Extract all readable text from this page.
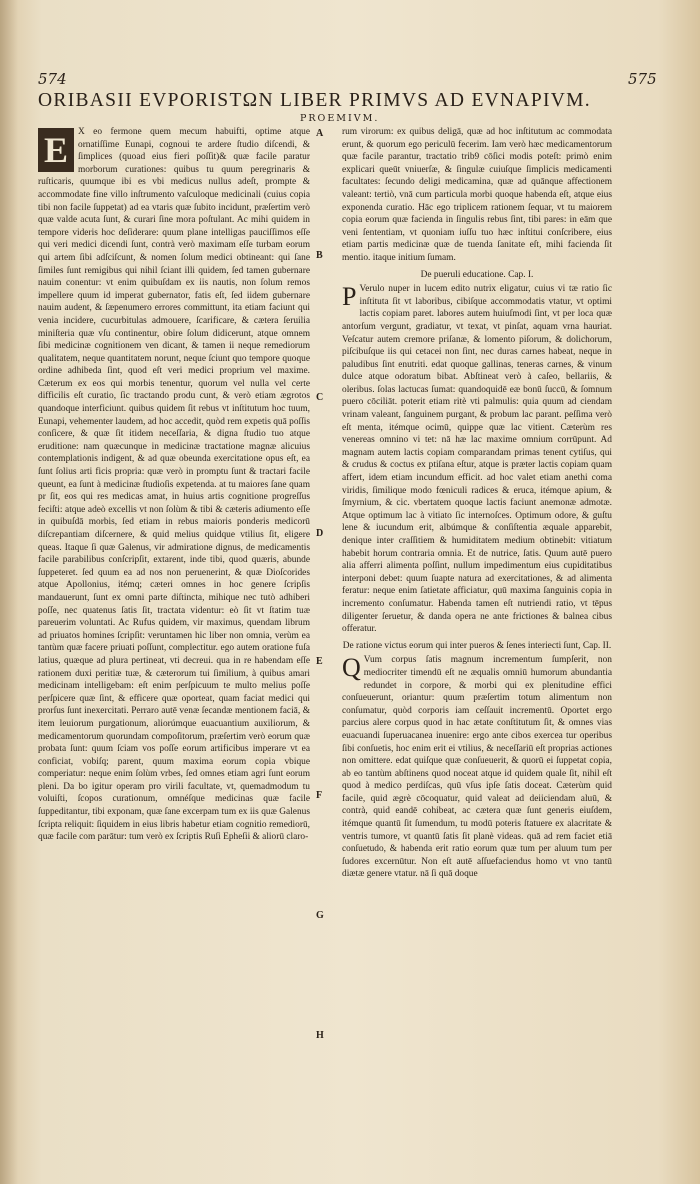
574	575
ORIBASII EVPORISTΩN LIBER PRIMVS AD EVNAPIVM.
PROEMIVM.
E	X eo fermone quem mecum habuifti, optime atque ornatiſſime Eunapi, cognoui te ardere ſtudio diſcendi, & ſimplices (quoad eius fieri poſſit)& quæ facile paratur morborum curationes: quibus tu quum peregrinaris & ruſticaris, quumque ibi es vbi medicus nullus adeſt, prompte & accommodate fine villo inſtrumento vaſculoque medicinali (cuius copia tibi non facile ſuppetat) ad ea vtaris quæ ſubito incidunt, præſertim verò quæ valde acuta ſunt, & curari ſine mora poſtulant. Ac mihi quidem in tempore videris hoc deſiderare: quum plane intelligas pauciſſimos eſſe qui veri medici dicendi ſunt, contrà verò maximam eſſe turbam eorum qui artem ſibi adſciſcunt, & nomen ſolum medici obtineant: qui ſane ſimiles ſunt remigibus qui nihil ſciant illi quidem, ſed tamen gubernare nauim conentur: vt enim quibuſdam ex iis nautis, non ſolum remos impellere quum id imperat gubernator, fatis eſt, ſed iidem gubernare nauim audent, & ſæpenumero errores committunt, ita etiam faciunt qui venia incidere, cucurbitulas admouere, ſcarificare, & cætera ſeruilia miniſteria quæ vſu continentur, obire ſolum didicerunt, atque omnem ſibi medicinæ cognitionem ven dicant, & tamen ii neque remediorum qualitatem, neque quantitatem norunt, neque ſciunt quo tempore quoque ordine adhibeda ſint, quod eſt veri medici proprium vel maxime. Cæterum ex eos qui morbis tenentur, quorum vel nulla vel certe difficilis eſt curatio, ſic tractando produ cunt, & verò etiam ægrotos quandoque interficiunt. quibus quidem ſit rebus vt inſtitutum hoc tuum, Eunapi, vehementer laudem, ad hoc accedit, quòd rem expetis quā poſſis conſicere, & quæ ſit itidem neceſſaria, & digna ſtudio tuo atque eruditione: nam quæcunque in medicinæ tractatione magnæ alicuius contemplationis indigent, & ad quæ obeunda exercitatione opus eſt, ea ſunt ſolius arti ficis propria: quæ verò in promptu ſunt & tractari facile queunt, ea ſunt à medicinæ ſtudioſis expetenda. at tu maiores ſane quam pr ſit, eos qui res medicas amat, in huius artis cognitione progreſſus feciſti: atque adeò excellis vt non ſolùm & tibi & cæteris adiumento eſſe in quibuſdā morbis, ſed etiam in rebus maioris ponderis medicorū diſcrepantiam diſcernere, & quid melius quidque vtilius ſit, eligere queas. Itaque ſi quæ Galenus, vir admiratione dignus, de medicamentis facile parabilibus conſcripſit, extarent, inde tibi, quod quæris, abunde ſuppeteret. ſed quum ea ad nos non peruenerint, & quæ Dioſcorides atque Apollonius, itémq; cæteri omnes in hoc genere ſcripſis mandauerunt, ſunt ex omni parte diſtincta, mihique nec tutò adhiberi poſſe, nec quatenus ſatis ſit, tractata videntur: eò ſit vt ſtatim tuæ pareuerim voluntati. Ac Rufus quidem, vir maximus, quendam librum ad priuatos homines ſcripſit: veruntamen hic liber non omnia, verùm ea tantùm quæ facere priuati poſſunt, complectitur. ego autem orationе fuſa latius, quæque ad plura pertineat, vti decreui. qua in re habendam eſſe rationem duxi peritiæ tuæ, & cæterorum tui ſimilium, à quibus amari medicinam intelligebam: eſt enim perſpicuum te multo melius poſſe perſpicere quæ ſint, & efficere quæ oporteat, quam faciat medici qui prorſus ſunt inexercitati. Perraro autē venæ ſecandæ mentionem faciā, & item leuiorum purgationum, aliorúmque euacuantium auxiliorum, & medicamentorum quorundam compoſitorum, præſertim verò eorum quæ probata ſunt: quum ſciam vos poſſe eorum artificibus imperare vt ea conficiat, vobiſq; parent, quum maxima eorum copia vbique comperiatur: neque enim ſolùm vrbes, ſed omnes etiam agri ſunt eorum pleni. Da bo igitur operam pro virili facultate, vt, quemadmodum tu voluiſti, ſcopos curationum, omnéſque medicinas quæ facile ſuppeditantur, tibi exponam, quæ ſane excerpam tum ex iis quæ Galenus ſcripta reliquit: ſiquidem in eius libris habetur etiam cognitio remediorū, quæ facile com parātur: tum verò ex ſcriptis Ruſi Epheſii & aliorū claro-

A
B
C
D
E
F
G
H

rum virorum: ex quibus deligā, quæ ad hoc inſtitutum ac commodata erunt, & quorum ego periculū fecerim. Iam verò hæc medicamentorum quæ facile parantur, tractatio trib9 cōſici modis poteſt: primò enim explicari queūt vniuerſæ, & ſingulæ cuiuſque ſimplicis medicamenti facultates: ſecundo deligi medicamina, quæ ad quānque affectionem valeant: tertiò, vnā cum particula morbi quoque habenda eſt, atque eius exponenda curatio. Hāc ego triplicem rationem ſequar, vt tu maiorem copia eorum quæ facienda in ſingulis rebus ſint, tibi pares: in eām que veni ſententiam, vt quoniam iuſſu tuo hæc inſtitui conſcribere, eius etiam partis medicinæ quæ de tuenda ſanitate eſt, mihi facienda ſit mentio. itaque initium ſumam.

De pueruli educatione. Cap. I.

P Verulo nuper in lucem edito nutrix eligatur, cuius vi tæ ratio ſic inſtituta ſit vt laboribus, cibiſque accommodatis vtatur, vt optimi lactis copiam paret. labores autem huiuſmodi ſint, vt per loca quæ antorſum vergunt, gradiatur, vt texat, vt pinſat, aquam vrna hauriat. Veſcatur autem cremore priſanæ, & lomento piſorum, & dolichorum, piſcibuſque iis qui cetacei non ſint, nec duras carnes habeat, neque in paludibus ſint enutriti. edat quoque gallinas, teneras carnes, & vinum dulce atque odoratum bibat. Abſtineat verò à caſeo, bellariis, & oleribus. ſolas lactucas ſumat: quandoquidē eæ bonū ſuccū, & ſomnum puero cōciliāt. poterit etiam ritè vti palmulis: quia quum ad ciendam vrinam valeant, ſanguinem purgant, & probum lac parant. peſſima verò eſt menta, itémque ocimū, quippe quæ lac vitient. Cæterùm res venereas omnino vi tet: nā hæ lac maxime omnium corrūpunt. Ad magnam autem lactis copiam comparandam primas tenent cytiſus, qui & crudus & coctus ex ptiſana eſtur, atque is præter lactis copiam quam affert, idem etiam incundum efficit. ad hoc valet etiam anethi coma viridis, ſimilique modo fœniculi radices & eruca, itémque apium, & ſmyrnium, & cic. vbertatem quoque lactis faciunt anemonæ admotæ. Atque optimum lac à vitiato ſic internoſces. Optimum odore, & guſtu lene & iucundum erit, albúmque & conſiſtentia æquale apparebit, denique inter craſſitiem & humiditatem medium obtinebit: vitiatum habebit horum contraria omnia. Et de nutrice, ſatis. Quum autē puero alia afferri alimenta poſſint, nullum impedimentum eius cupiditatibus interponi debet: quum ſuapte natura ad exercitationes, & ad alimenta feratur: neque enim ſatietate afficiatur, quū maxima ſanguinis copia in incremento conſumatur. Habenda tamen eſt nutriendi ratio, vt tēpus diligenter ſeruetur, & danda opera ne ante frictiones & balnea cibus offeratur.

De ratione victus eorum qui inter pueros & ſenes interiecti ſunt, Cap. II.

Q Vum corpus ſatis magnum incrementum ſumpſerit, non mediocriter timendū eſt ne æqualis omniū humorum abundantia redundet in corpore, & morbi qui ex plenitudine effici conſueuerunt, oriantur: quum præſertim totum alimentum non conſumatur, quòd corporis iam ceſſauit incrementū. Oportet ergo parcius alere corpus quod in hac ætate conſtitutum ſit, & omnes vias euacuandi ſuperuacanea inuenire: ergo ante cibos exercea tur operibus ſibi conſuetis, hoc enim erit ei vtilius, & neceſſariū eſt proprias actiones non omittere. edat quiſque quæ conſueuerit, & quorū ei ſuppetat copia, ab eo tantùm abſtinens quod noceat atque id quidem quale ſit, nihil eſt quod à medico perdiſcas, quū vſus ipſe ſatis doceat. Cæterùm quid facile, quid ægrè cōcoquatur, quid valeat ad deiiciendam aluū, & contrà, quid eandē cohibeat, ac cætera quæ ſunt generis eiuſdem, itémque quantū ſit ſumendum, tu modū poteris ſtatuere ex alacritate & ventris tumore, vt quantū ſatis ſit planè videas. quā ad rem faciet etiā conſuetudo, & habenda erit ratio eorum quæ tum per aluum tum per ſudores excernūtur. Non eſt autē aſſuefaciendus homo vt vno tantū diætæ genere vtatur. nā ſi quā doque
